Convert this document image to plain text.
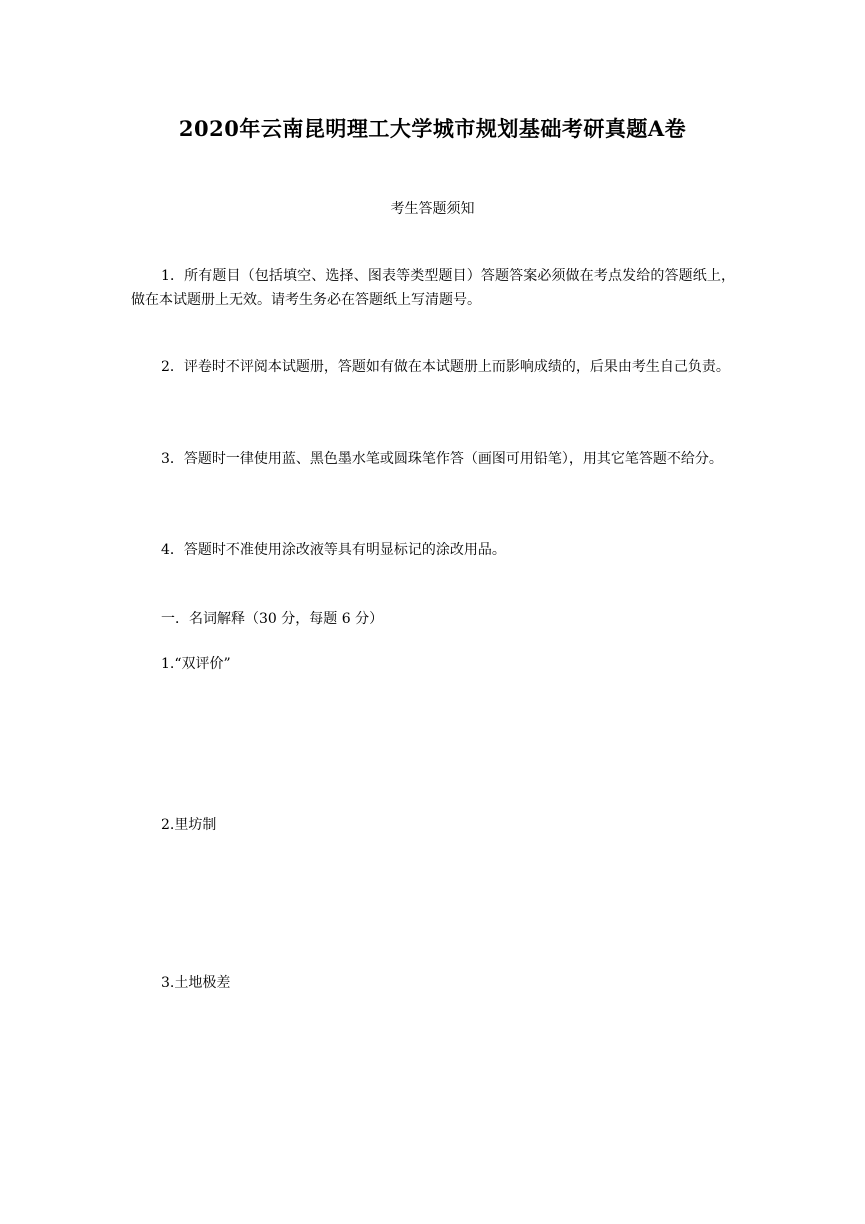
2020年云南昆明理工大学城市规划基础考研真题A卷
考生答题须知
1．所有题目（包括填空、选择、图表等类型题目）答题答案必须做在考点发给的答题纸上，做在本试题册上无效。请考生务必在答题纸上写清题号。
2．评卷时不评阅本试题册，答题如有做在本试题册上而影响成绩的，后果由考生自己负责。
3．答题时一律使用蓝、黑色墨水笔或圆珠笔作答（画图可用铅笔），用其它笔答题不给分。
4．答题时不准使用涂改液等具有明显标记的涂改用品。
一．名词解释（30 分，每题 6 分）
1.“双评价”
2.里坊制
3.土地极差
